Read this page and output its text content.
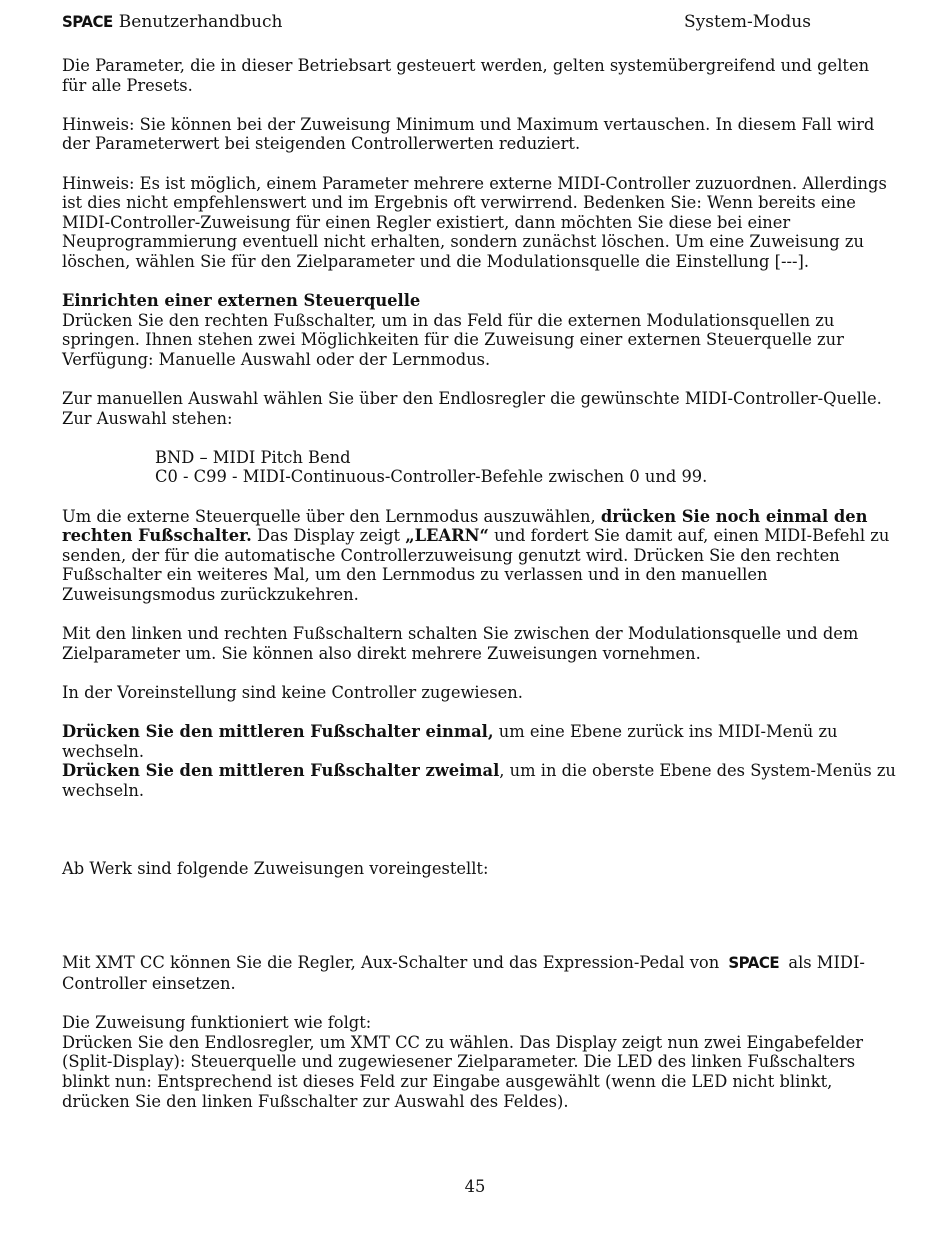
SPACE Benutzerhandbuch	System-Modus

Die Parameter, die in dieser Betriebsart gesteuert werden, gelten systemübergreifend und gelten für alle Presets.

Hinweis: Sie können bei der Zuweisung Minimum und Maximum vertauschen. In diesem Fall wird der Parameterwert bei steigenden Controllerwerten reduziert.

Hinweis: Es ist möglich, einem Parameter mehrere externe MIDI-Controller zuzuordnen. Allerdings ist dies nicht empfehlenswert und im Ergebnis oft verwirrend. Bedenken Sie: Wenn bereits eine MIDI-Controller-Zuweisung für einen Regler existiert, dann möchten Sie diese bei einer Neuprogrammierung eventuell nicht erhalten, sondern zunächst löschen. Um eine Zuweisung zu löschen, wählen Sie für den Zielparameter und die Modulationsquelle die Einstellung [---].

Einrichten einer externen Steuerquelle
Drücken Sie den rechten Fußschalter, um in das Feld für die externen Modulationsquellen zu springen. Ihnen stehen zwei Möglichkeiten für die Zuweisung einer externen Steuerquelle zur Verfügung: Manuelle Auswahl oder der Lernmodus.

Zur manuellen Auswahl wählen Sie über den Endlosregler die gewünschte MIDI-Controller-Quelle. Zur Auswahl stehen:

BND – MIDI Pitch Bend
C0 - C99 - MIDI-Continuous-Controller-Befehle zwischen 0 und 99.

Um die externe Steuerquelle über den Lernmodus auszuwählen, drücken Sie noch einmal den rechten Fußschalter. Das Display zeigt „LEARN“ und fordert Sie damit auf, einen MIDI-Befehl zu senden, der für die automatische Controllerzuweisung genutzt wird. Drücken Sie den rechten Fußschalter ein weiteres Mal, um den Lernmodus zu verlassen und in den manuellen Zuweisungsmodus zurückzukehren.

Mit den linken und rechten Fußschaltern schalten Sie zwischen der Modulationsquelle und dem Zielparameter um. Sie können also direkt mehrere Zuweisungen vornehmen.

In der Voreinstellung sind keine Controller zugewiesen.

Drücken Sie den mittleren Fußschalter einmal, um eine Ebene zurück ins MIDI-Menü zu wechseln.
Drücken Sie den mittleren Fußschalter zweimal, um in die oberste Ebene des System-Menüs zu wechseln.

Ab Werk sind folgende Zuweisungen voreingestellt:

Mit XMT CC können Sie die Regler, Aux-Schalter und das Expression-Pedal von SPACE als MIDI-Controller einsetzen.

Die Zuweisung funktioniert wie folgt:
Drücken Sie den Endlosregler, um XMT CC zu wählen. Das Display zeigt nun zwei Eingabefelder (Split-Display): Steuerquelle und zugewiesener Zielparameter. Die LED des linken Fußschalters blinkt nun: Entsprechend ist dieses Feld zur Eingabe ausgewählt (wenn die LED nicht blinkt, drücken Sie den linken Fußschalter zur Auswahl des Feldes).

45
